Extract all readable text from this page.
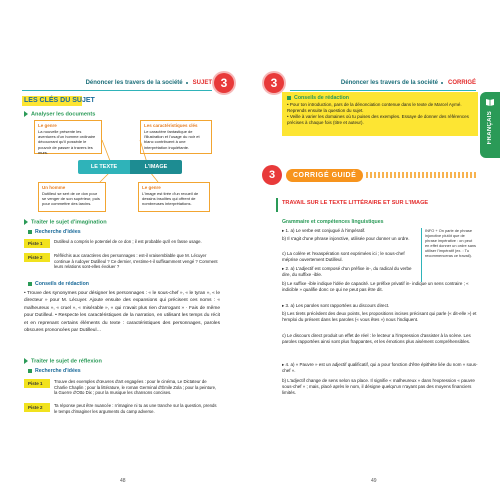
Dénoncer les travers de la société SUJET 3
LES CLÉS DU SUJET
Analyser les documents
Le genre
La nouvelle présente les aventures d'un homme ordinaire découvrant qu'il possède le pouvoir de passer à travers les murs.
Les caractéristiques clés
Le caractère fantastique de l'illustration et l'usage du noir et blanc contribuent à une interprétation inquiétante.
LE TEXTE	L'IMAGE
Un homme
Dutilleul se sert de ce don pour se venger de son supérieur, puis pour commettre des larcins.
Le genre
L'image est tirée d'un recueil de dessins insolites qui offrent de nombreuses interprétations.
Traiter le sujet d'imagination
Recherche d'idées
Piste 1	Dutilleul a compris le potentiel de ce don ; il est probable qu'il en fasse usage.
Piste 2	Réfléchis aux caractères des personnages : est-il vraisemblable que M. Lécuyer continue à rudoyer Dutilleul ? Ce dernier, s'estime-t-il suffisamment vengé ? Comment leurs relations sont-elles évoluer ?
Conseils de rédaction
• Trouve des synonymes pour désigner les personnages : « le sous-chef », « le tyran », « le directeur » pour M. Lécuyer. Ajoute ensuite des expansions qui précisent ces noms : « malheureux », « cruel », « misérable », « qui n'avait plus rien d'arrogant » · Fais de même pour Dutilleul. • Respecte les caractéristiques de la narration, en utilisant les temps du récit et en reprenant certains éléments du texte : caractéristiques des personnages, paroles obscures prononcées par Dutilleul…
Traiter le sujet de réflexion
Recherche d'idées
Piste 1	Trouve des exemples d'œuvres d'art engagées : pour le cinéma, Le Dictateur de Charlie Chaplin ; pour la littérature, le roman Germinal d'Émile Zola ; pour la peinture, la Guerre d'Otto Dix ; pour la musique les chansons concises.
Piste 2	Ta réponse peut être nuancée : n'imagine ni tu as une tranche sur la question, prends le temps d'imaginer les arguments du camp adverse.
48
3	Dénoncer les travers de la société CORRIGÉ
FRANÇAIS
Conseils de rédaction
• Pour ton introduction, pars de la dénonciation contenue dans le texte de Marcel Aymé. Reprends ensuite la question du sujet.
• Veille à varier les domaines où tu puises des exemples. Essaye de donner des références précises à chaque fois (titre et auteur).
3	CORRIGÉ GUIDÉ
TRAVAIL SUR LE TEXTE LITTÉRAIRE ET SUR L'IMAGE
Grammaire et compétences linguistiques
▸ 1. a) Le verbe est conjugué à l'impératif.
b) Il s'agit d'une phrase injonctive, utilisée pour donner un ordre.
c) La colère et l'exaspération sont exprimées ici ; le sous-chef méprise ouvertement Dutilleul.
▸ 2. a) L'adjectif est composé d'un préfixe in-, du radical du verbe dire, du suffixe -ible.
b) Le suffixe -ible indique l'idée de capacité. Le préfixe privatif in- indique un sens contraire ; « indicible » qualifie donc ce qui ne peut pas être dit.
▸ 3. a) Les paroles sont rapportées au discours direct.
b) Les tirets précèdent des deux points, les propositions incises précisant qui parle (« dit-elle ») et l'emploi du présent dans les paroles (« vous êtes ») nous l'indiquent.
c) Le discours direct produit un effet de réel : le lecteur a l'impression d'assister à la scène. Les paroles rapportées ainsi sont plus frappantes, et les émotions plus aisément compréhensibles.
▸ 4. a) « Pauvre » est un adjectif qualificatif, qui a pour fonction d'être épithète liée du nom « sous-chef ».
b) L'adjectif change de sens selon sa place. Il signifie « malheureux » dans l'expression « pauvre sous-chef » ; mais, placé après le nom, il désigne quelqu'un n'ayant pas des moyens financiers limités.
INFO + On parle de phrase injonctive plutôt que de phrase impérative : on peut en effet donner un ordre sans utiliser l'impératif (ex. : Tu recommenceras ce travail).
49
